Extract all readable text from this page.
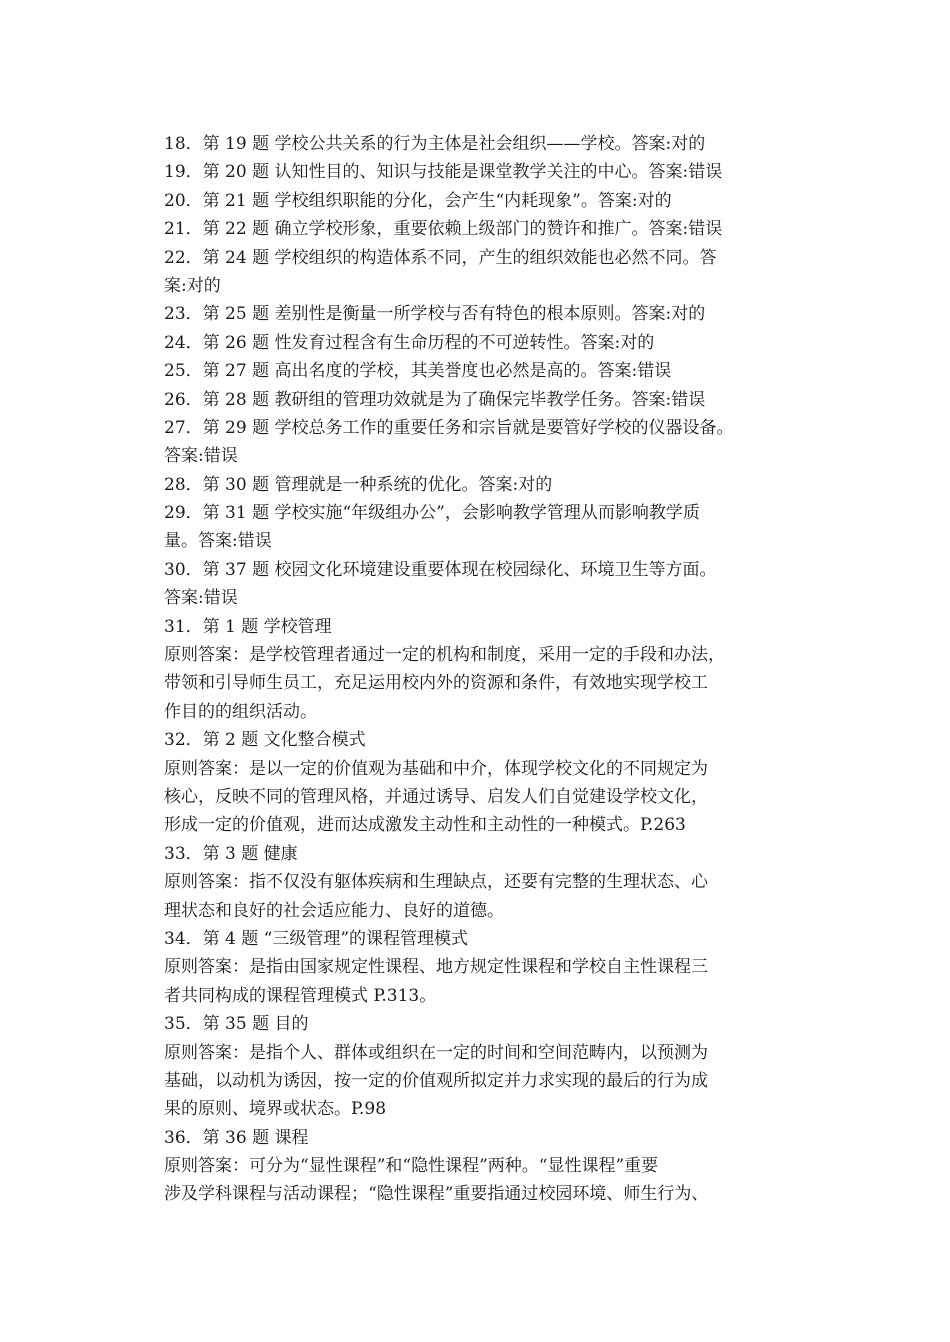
18．第 19 题 学校公共关系的行为主体是社会组织——学校。答案:对的
19．第 20 题 认知性目的、知识与技能是课堂教学关注的中心。答案:错误
20．第 21 题 学校组织职能的分化，会产生“内耗现象”。答案:对的
21．第 22 题 确立学校形象，重要依赖上级部门的赞许和推广。答案:错误
22．第 24 题 学校组织的构造体系不同，产生的组织效能也必然不同。答
案:对的
23．第 25 题 差别性是衡量一所学校与否有特色的根本原则。答案:对的
24．第 26 题 性发育过程含有生命历程的不可逆转性。答案:对的
25．第 27 题 高出名度的学校，其美誉度也必然是高的。答案:错误
26．第 28 题 教研组的管理功效就是为了确保完毕教学任务。答案:错误
27．第 29 题 学校总务工作的重要任务和宗旨就是要管好学校的仪器设备。
答案:错误
28．第 30 题 管理就是一种系统的优化。答案:对的
29．第 31 题 学校实施“年级组办公”，会影响教学管理从而影响教学质
量。答案:错误
30．第 37 题 校园文化环境建设重要体现在校园绿化、环境卫生等方面。
答案:错误
31．第 1 题 学校管理
原则答案：是学校管理者通过一定的机构和制度，采用一定的手段和办法，
带领和引导师生员工，充足运用校内外的资源和条件，有效地实现学校工
作目的的组织活动。
32．第 2 题 文化整合模式
原则答案：是以一定的价值观为基础和中介，体现学校文化的不同规定为
核心，反映不同的管理风格，并通过诱导、启发人们自觉建设学校文化，
形成一定的价值观，进而达成激发主动性和主动性的一种模式。P.263
33．第 3 题 健康
原则答案：指不仅没有躯体疾病和生理缺点，还要有完整的生理状态、心
理状态和良好的社会适应能力、良好的道德。
34．第 4 题 “三级管理”的课程管理模式
原则答案：是指由国家规定性课程、地方规定性课程和学校自主性课程三
者共同构成的课程管理模式 P.313。
35．第 35 题 目的
原则答案：是指个人、群体或组织在一定的时间和空间范畴内，以预测为
基础，以动机为诱因，按一定的价值观所拟定并力求实现的最后的行为成
果的原则、境界或状态。P.98
36．第 36 题 课程
原则答案：可分为“显性课程”和“隐性课程”两种。“显性课程”重要
涉及学科课程与活动课程；“隐性课程”重要指通过校园环境、师生行为、
